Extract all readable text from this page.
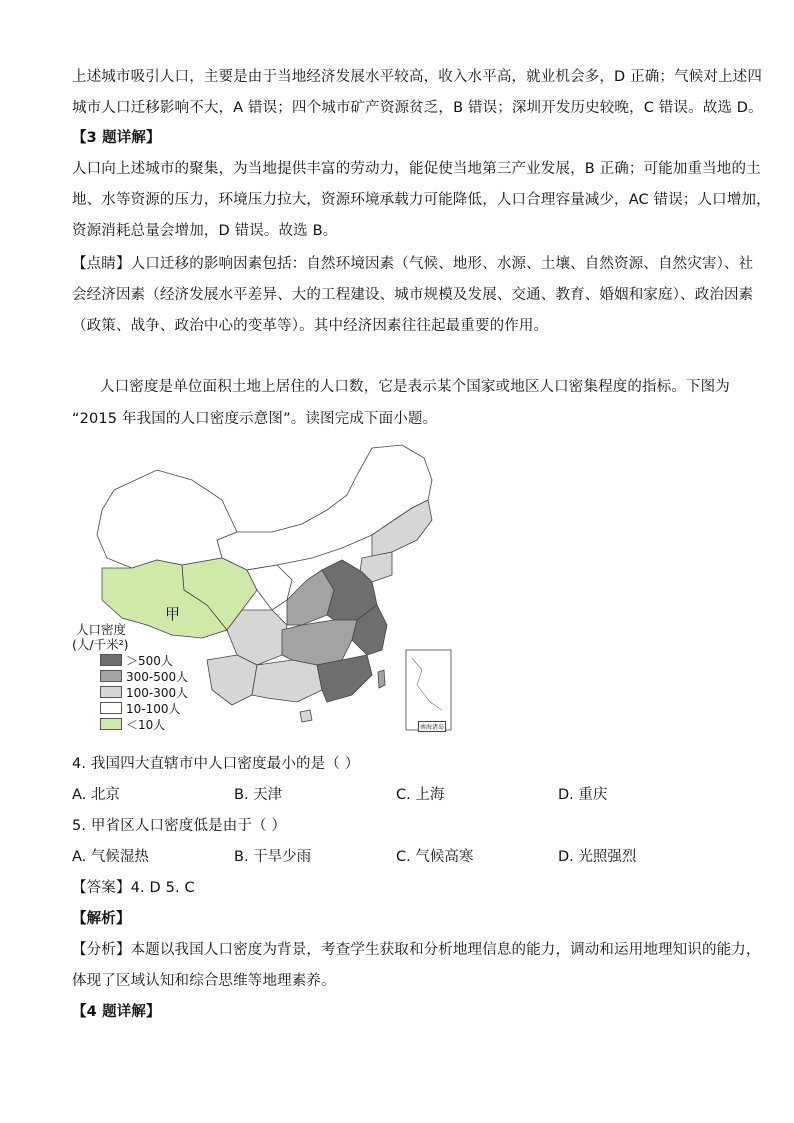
上述城市吸引人口，主要是由于当地经济发展水平较高，收入水平高，就业机会多，D 正确；气候对上述四
城市人口迁移影响不大，A 错误；四个城市矿产资源贫乏，B 错误；深圳开发历史较晚，C 错误。故选 D。
【3 题详解】
人口向上述城市的聚集，为当地提供丰富的劳动力，能促使当地第三产业发展，B 正确；可能加重当地的土
地、水等资源的压力，环境压力拉大，资源环境承载力可能降低，人口合理容量减少，AC 错误；人口增加，
资源消耗总量会增加，D 错误。故选 B。
【点睛】人口迁移的影响因素包括：自然环境因素（气候、地形、水源、土壤、自然资源、自然灾害）、社
会经济因素（经济发展水平差异、大的工程建设、城市规模及发展、交通、教育、婚姻和家庭）、政治因素
（政策、战争、政治中心的变革等）。其中经济因素往往起最重要的作用。
人口密度是单位面积土地上居住的人口数，它是表示某个国家或地区人口密集程度的指标。下图为
“2015 年我国的人口密度示意图”。读图完成下面小题。
甲
人口密度
(人/千米²)
＞500人
300-500人
100-300人
10-100人
＜10人	南海诸岛
4. 我国四大直辖市中人口密度最小的是（ ）
A. 北京	B. 天津	C. 上海	D. 重庆
5. 甲省区人口密度低是由于（ ）
A. 气候湿热	B. 干旱少雨	C. 气候高寒	D. 光照强烈
【答案】4. D 5. C
【解析】
【分析】本题以我国人口密度为背景，考查学生获取和分析地理信息的能力，调动和运用地理知识的能力，
体现了区域认知和综合思维等地理素养。
【4 题详解】
